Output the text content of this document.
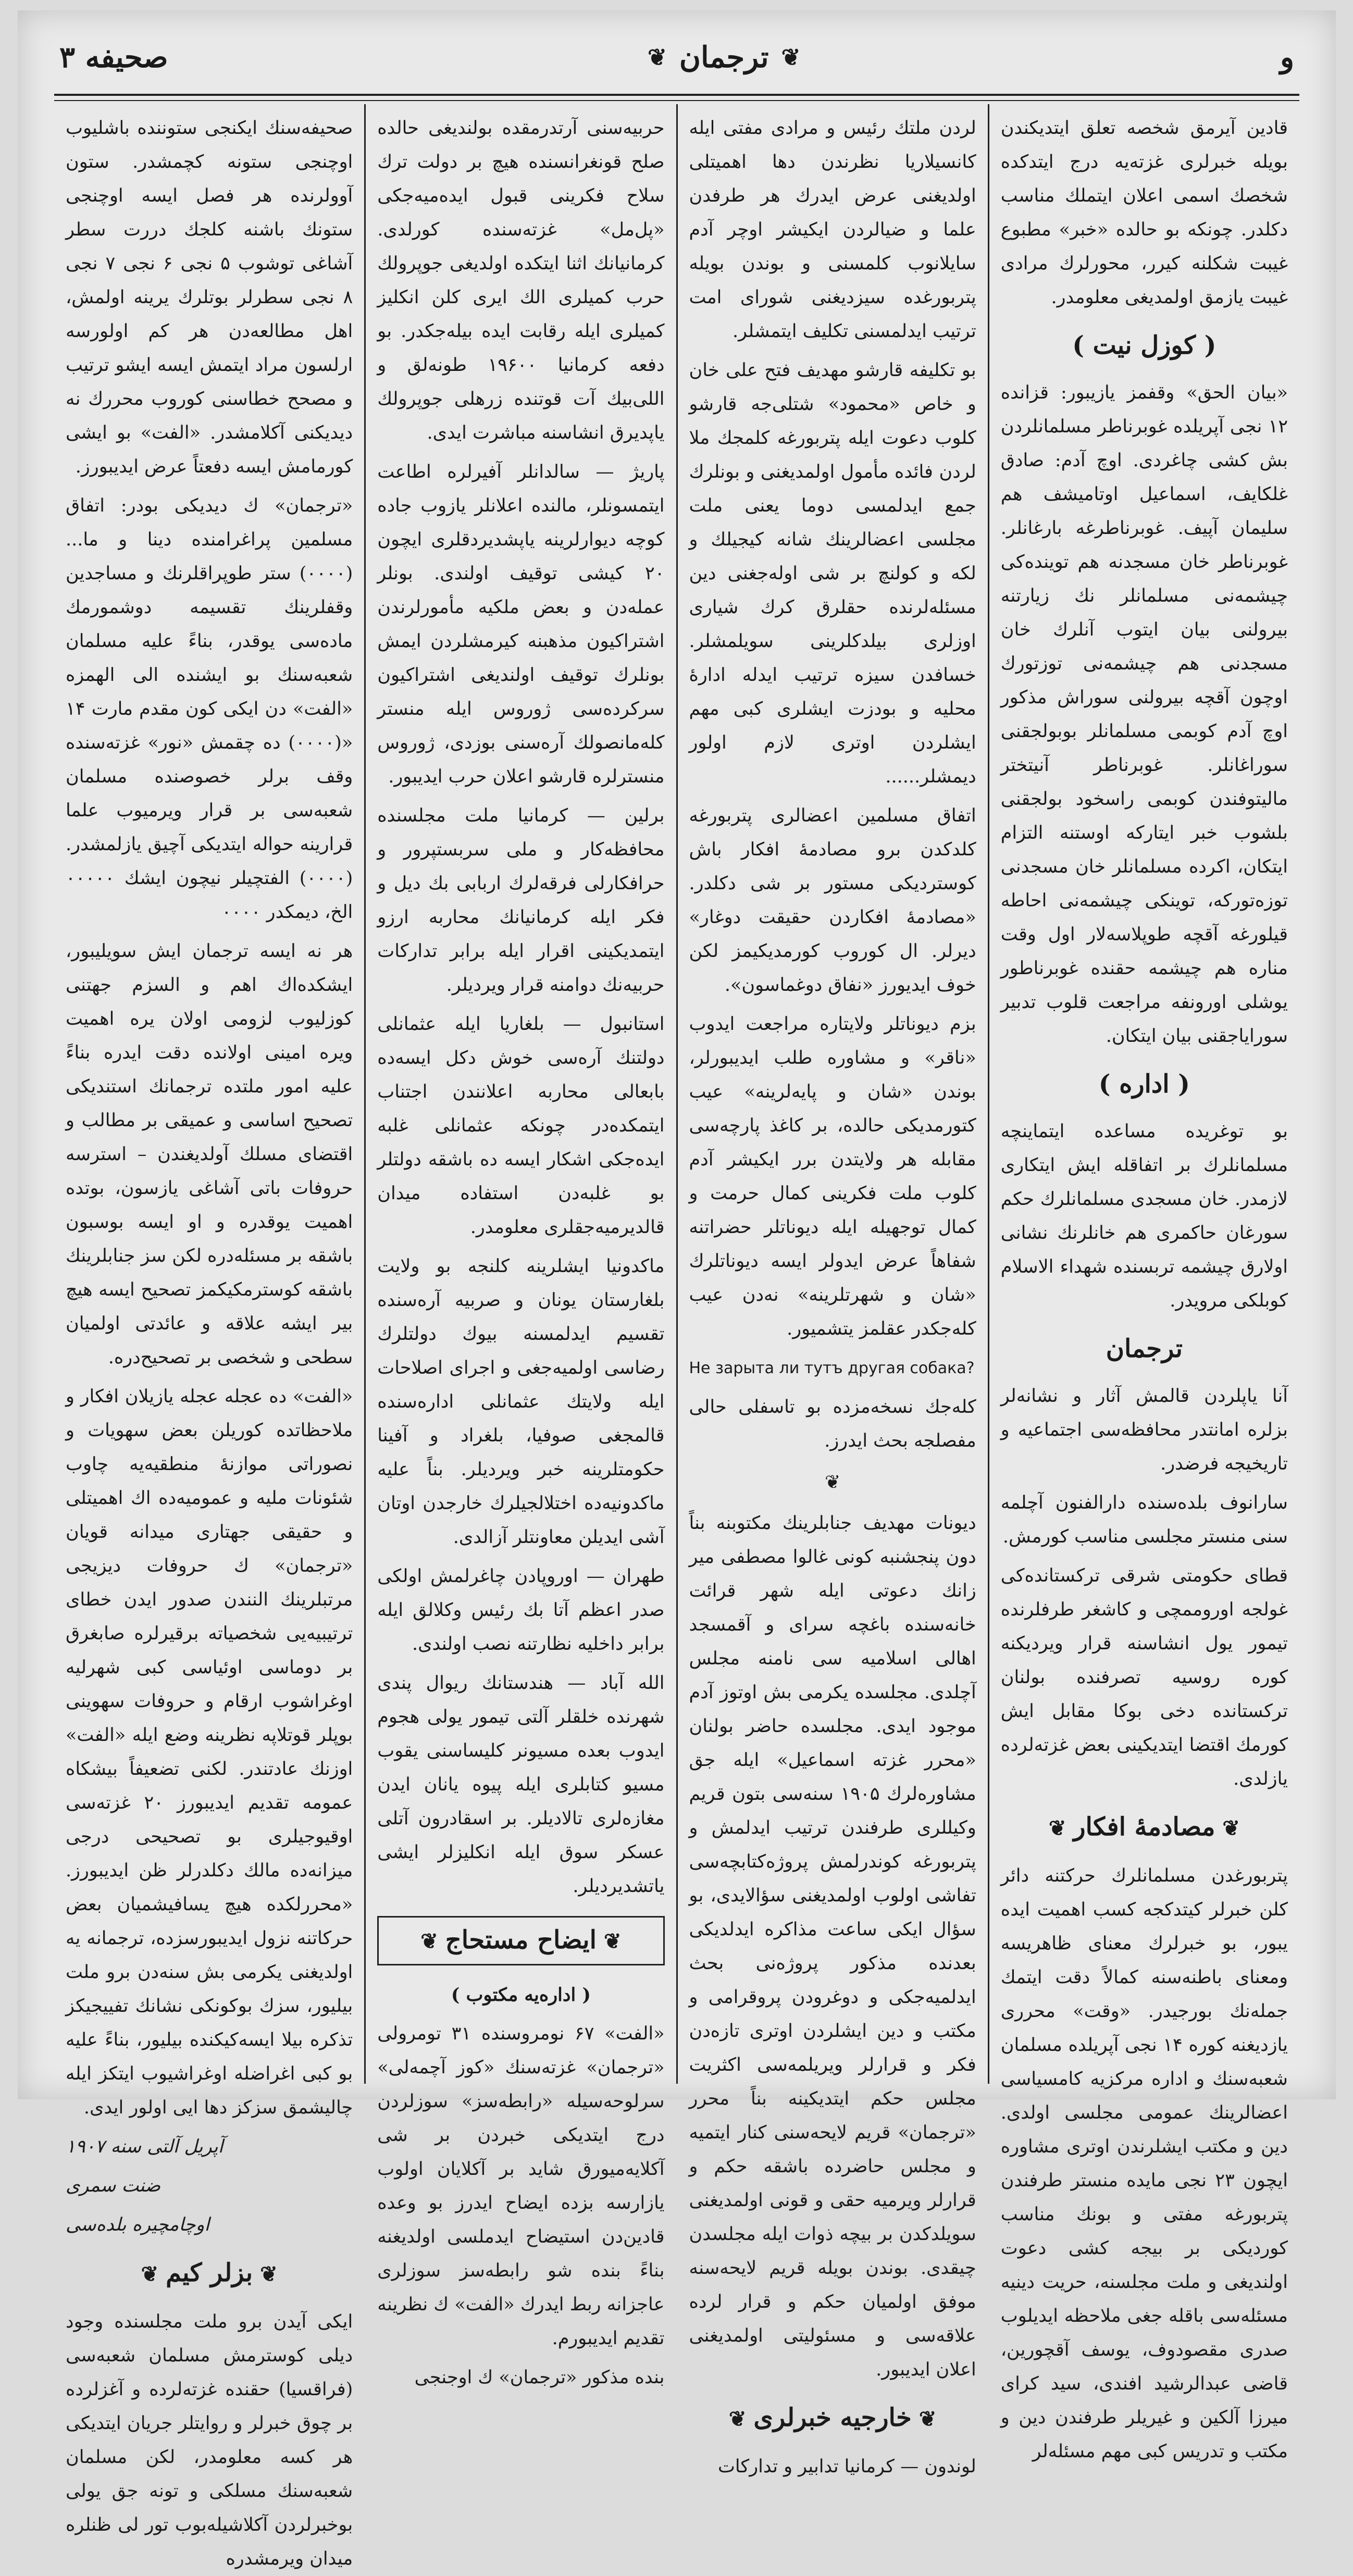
و
❦
ترجمان
❦
صحیفه ۳

قادین آیرمق شخصه تعلق ایتدیکندن بویله خبرلری غزته‌یه درج ایتدکده شخصك اسمی اعلان ایتملك مناسب دکلدر. چونکه بو حالده «خبر» مطبوع غیبت شکلنه کیرر، محورلرك مرادی غیبت یازمق اولمدیغی معلومدر.

( کوزل نیت )

«بیان الحق» وقفمز یازیبور: قزانده ۱۲ نجی آپریلده غوبرناطر مسلمانلردن بش کشی چاغردی. اوچ آدم: صادق غلکایف، اسماعیل اوتامیشف هم سلیمان آپیف. غوبرناطرغه بارغانلر. غوبرناطر خان مسجدنه هم توینده‌کی چیشمه‌نی مسلمانلر نك زیارتنه بیرولنی بیان ایتوب آنلرك خان مسجدنی هم چیشمه‌نی توزتورك اوچون آقچه بیرولنی سوراش مذکور اوچ آدم کوبمی مسلمانلر بوبولجقنی سوراغانلر. غوبرناطر آنیتختر مالیتوفندن کوبمی راسخود بولجقنی بلشوب خبر ایتارکه اوستنه التزام ایتکان، اکرده مسلمانلر خان مسجدنی توزه‌تورکه، توینکی چیشمه‌نی احاطه قیلورغه آقچه طوپلاسه‌لار اول وقت مناره هم چیشمه حقنده غوبرناطور یوشلی اورونفه مراجعت قلوب تدبیر سورایاجقنی بیان ایتکان.

( اداره )

بو توغریده مساعده ایتماینچه مسلمانلرك بر اتفاقله ایش ایتکاری لازمدر. خان مسجدی مسلمانلرك حکم سورغان حاکمری هم خانلرنك نشانی اولارق چیشمه تربسنده شهداء الاسلام کوبلکی مرویدر.

ترجمان

آنا یاپلردن قالمش آثار و نشانه‌لر بزلره امانتدر محافظه‌سی اجتماعیه و تاریخیجه فرضدر.

سارانوف بلده‌سنده دارالفنون آچلمه سنی منستر مجلسی مناسب کورمش.

قطای حکومتی شرقی ترکستانده‌کی غولجه اوروممچی و کاشغر طرفلرنده تیمور یول انشاسنه قرار ویردیکنه کوره روسیه تصرفنده بولنان ترکستانده دخی بوکا مقابل ایش کورمك اقتضا ایتدیکینی بعض غزته‌لرده یازلدی.

❦مصادمهٔ افکار❦

پتربورغدن مسلمانلرك حرکتنه دائر کلن خبرلر کیتدکجه کسب اهمیت ایده یبور، بو خبرلرك معنای ظاهریسه ومعنای باطنه‌سنه کمالاً دقت ایتمك جمله‌نك بورجیدر. «وقت» محرری یازدیغنه کوره ۱۴ نجی آپریلده مسلمان شعبه‌سنك و اداره مرکزیه کامسیاسی اعضالرینك عمومی مجلسی اولدی. دین و مکتب ایشلرندن اوتری مشاوره ایچون ۲۳ نجی مایده منستر طرفندن پتربورغه مفتی و بونك مناسب کوردیکی بر بیجه کشی دعوت اولندیغی و ملت مجلسنه، حریت دینیه مسئله‌سی باقله جغی ملاحظه ایدیلوب صدری مقصودوف، یوسف آقچورین، قاضی عبدالرشید افندی، سید کرای میرزا آلکین و غیریلر طرفندن دین و مکتب و تدریس کبی مهم مسئله‌لر

لردن ملتك رئیس و مرادی مفتی ایله کانسیلاریا نظرندن دها اهمیتلی اولدیغنی عرض ایدرك هر طرفدن علما و ضیالردن ایکیشر اوچر آدم سایلانوب کلمسنی و بوندن بویله پتربورغده سیزدیغنی شورای امت ترتیب ایدلمسنی تکلیف ایتمشلر.

بو تکلیفه قارشو مهدیف فتح علی خان و خاص «محمود» شتلی‌جه قارشو کلوب دعوت ایله پتربورغه کلمجك ملا لردن فائده مأمول اولمدیغنی و بونلرك جمع ایدلمسی دوما یعنی ملت مجلسی اعضالرینك شانه کیجیلك و لکه و کولنچ بر شی اوله‌جغنی دین مسئله‌لرنده حقلرق کرك شیاری اوزلری بیلدکلرینی سویلمشلر. خسافدن سیزه ترتیب ایدله ادارهٔ محلیه و بودزت ایشلری کبی مهم ایشلردن اوتری لازم اولور دیمشلر......

اتفاق مسلمین اعضالری پتربورغه کلدکدن برو مصادمهٔ افکار باش کوستردیکی مستور بر شی دکلدر. «مصادمهٔ افکاردن حقیقت دوغار» دیرلر. ال کوروب کورمدیکیمز لکن خوف ایدیورز «نفاق دوغماسون».

بزم دیوناتلر ولایتاره مراجعت ایدوب «ناقر» و مشاوره طلب ایدیبورلر، بوندن «شان و پایه‌لرینه» عیب کتورمدیکی حالده، بر کاغذ پارچه‌سی مقابله هر ولایتدن برر ایکیشر آدم کلوب ملت فکرینی کمال حرمت و کمال توجهیله ایله دیوناتلر حضراتنه شفاهاً عرض ایدولر ایسه دیوناتلرك «شان و شهرتلرینه» نه‌دن عیب کله‌جکدر عقلمز یتشمیور.

Не зарыта ли тутъ другая собака?

کله‌جك نسخه‌مزده بو تاسفلی حالی مفصلجه بحث ایدرز.

❦

دیونات مهدیف جنابلرینك مکتوبنه بناً دون پنجشنبه کونی غالوا مصطفی میر زانك دعوتی ایله شهر قرائت خانه‌سنده باغچه سرای و آقمسجد اهالی اسلامیه سی نامنه مجلس آچلدی. مجلسده یکرمی بش اوتوز آدم موجود ایدی. مجلسده حاضر بولنان «محرر غزته اسماعیل» ایله جق مشاوره‌لرك ۱۹۰۵ سنه‌سی بتون قریم وکیللری طرفندن ترتیب ایدلمش و پتربورغه کوندرلمش پروژه‌کتابچه‌سی تفاشی اولوب اولمدیغنی سؤالایدی، بو سؤال ایکی ساعت مذاکره ایدلدیکی بعدنده مذکور پروژه‌نی بحث ایدلمیه‌جکی و دوغرودن پروقرامی و مکتب و دین ایشلردن اوتری تازه‌دن فکر و قرارلر ویریلمه‌سی اکثریت مجلس حکم ایتدیکینه بناً محرر «ترجمان» قریم لایحه‌سنی کنار ایتمیه و مجلس حاضرده باشقه حکم و قرارلر ویرمیه حقی و قونی اولمدیغنی سویلدکدن بر بیچه ذوات ایله مجلسدن چیقدی. بوندن بویله قریم لایحه‌سنه موفق اولمیان حکم و قرار لرده علاقه‌سی و مسئولیتی اولمدیغنی اعلان ایدیبور.

❦خارجیه خبرلری❦

لوندون — کرمانیا تدابیر و تدارکات

حربیه‌سنی آرتدرمقده بولندیغی حالده صلح قونغرانسنده هیچ بر دولت ترك سلاح فکرینی قبول ایده‌میه‌جکی «پل‌مل» غزته‌سنده کورلدی. کرمانیانك اثنا ایتکده اولدیغی جوپرولك حرب کمیلری الك ایری کلن انکلیز کمیلری ایله رقابت ایده بیله‌جکدر. بو دفعه کرمانیا ۱۹۶۰۰ طونه‌لق و اللی‌بیك آت قوتنده زرهلی جوپرولك یاپدیرق انشاسنه مباشرت ایدی.

پاریژ — سالدانلر آفیرلره اطاعت ایتمسونلر، مالنده اعلانلر یازوب جاده کوچه دیوارلرینه یاپشدیردقلری ایچون ۲۰ کیشی توقیف اولندی. بونلر عمله‌دن و بعض ملکیه مأمورلرندن اشتراکیون مذهبنه کیرمشلردن ایمش بونلرك توقیف اولندیغی اشتراکیون سرکرده‌سی ژوروس ایله منستر کله‌مانصولك آره‌سنی بوزدی، ژوروس منسترلره قارشو اعلان حرب ایدیبور.

برلین — کرمانیا ملت مجلسنده محافظه‌کار و ملی سربستپرور و حرافکارلی فرقه‌لرك اربابی بك دیل و فکر ایله کرمانیانك محاربه ارزو ایتمدیکینی اقرار ایله برابر تدارکات حربیه‌نك دوامنه قرار ویردیلر.

استانبول — بلغاریا ایله عثمانلی دولتنك آره‌سی خوش دکل ایسه‌ده بابعالی محاربه اعلانندن اجتناب ایتمکده‌در چونکه عثمانلی غلبه ایده‌جکی اشکار ایسه ده باشقه دولتلر بو غلبه‌دن استفاده میدان قالدیرمیه‌جقلری معلومدر.

ماکدونیا ایشلرینه کلنجه بو ولایت بلغارستان یونان و صربیه آره‌سنده تقسیم ایدلمسنه بیوك دولتلرك رضاسی اولمیه‌جغی و اجرای اصلاحات ایله ولایتك عثمانلی اداره‌سنده قالمجغی صوفیا، بلغراد و آفینا حکومتلرینه خبر ویردیلر. بناً علیه ماکدونیه‌ده اختلالجیلرك خارجدن اوتان آشی ایدیلن معاونتلر آزالدی.

طهران — اوروپادن چاغرلمش اولکی صدر اعظم آتا بك رئیس وکلالق ایله برابر داخلیه نظارتنه نصب اولندی.

الله آباد — هندستانك ریوال پندی شهرنده خلقلر آلتی تیمور یولی هجوم ایدوب بعده مسیونر کلیساسنی یقوب مسیو کتابلری ایله پیوه یانان ایدن مغازه‌لری تالادیلر. بر اسقادرون آتلی عسکر سوق ایله انکلیزلر ایشی یاتشدیردیلر.

❦ایضاح مستحاج❦
( اداره‌یه مکتوب )

«الفت» ۶۷ نومروسنده ۳۱ تومرولی «ترجمان» غزته‌سنك «کوز آچمه‌لی» سرلوحه‌سیله «رابطه‌سز» سوزلردن درج ایتدیکی خبردن بر شی آکلایه‌میورق شاید بر آکلایان اولوب یازارسه بزده ایضاح ایدرز بو وعده قادین‌دن استیضاح ایدملسی اولدیغنه بناءً بنده شو رابطه‌سز سوزلری عاجزانه ربط ایدرك «الفت» ك نظرینه تقدیم ایدیبورم.

بنده مذکور «ترجمان» ك اوجنجی

صحیفه‌سنك ایکنجی ستوننده باشلیوب اوچنجی ستونه کچمشدر. ستون آوولرنده هر فصل ایسه اوچنجی ستونك باشنه کلجك دررت سطر آشاغی توشوب ۵ نجی ۶ نجی ۷ نجی ۸ نجی سطرلر بوتلرك یرینه اولمش، اهل مطالعه‌دن هر کم اولورسه ارلسون مراد ایتمش ایسه ایشو ترتیب و مصحح خطاسنی کوروب محررك نه دیدیکنی آکلامشدر. «الفت» بو ایشی کورمامش ایسه دفعتاً عرض ایدیبورز.

«ترجمان» ك دیدیکی بودر: اتفاق مسلمین پراغرامنده دینا و ما... (۰۰۰۰) ستر طوپراقلرنك و مساجدین وقفلرینك تقسیمه دوشمورمك ماده‌سی یوقدر، بناءً علیه مسلمان شعبه‌سنك بو ایشنده الی الهمزه «الفت» دن ایکی کون مقدم مارت ۱۴ «(۰۰۰۰) ده چقمش «نور» غزته‌سنده وقف برلر خصوصنده مسلمان شعبه‌سی بر قرار ویرمیوب علما قرارینه حواله ایتدیکی آچیق یازلمشدر. (۰۰۰۰) الفتچیلر نیچون ایشك ۰۰۰۰۰ الخ، دیمکدر ۰۰۰۰

هر نه ایسه ترجمان ایش سویلیبور، ایشکده‌اك اهم و السزم جهتنی کوزلیوب لزومی اولان یره اهمیت ویره امینی اولانده دقت ایدره بناءً علیه امور ملتده ترجمانك استندیکی تصحیح اساسی و عمیقی بر مطالب و اقتضای مسلك آولدیغندن – استرسه حروفات باتی آشاغی یازسون، بوتده اهمیت یوقدره و او ایسه بوسبون باشقه بر مسئله‌دره لکن سز جنابلرینك باشقه کوسترمکیکمز تصحیح ایسه هیچ بیر ایشه علاقه و عائدتی اولمیان سطحی و شخصی بر تصحیح‌دره.

«الفت» ده عجله عجله یازیلان افکار و ملاحظاتده کوریلن بعض سهویات و نصوراتی موازنهٔ منطقیه‌یه چاوب شئونات ملیه و عمومیه‌ده اك اهمیتلی و حقیقی جهتاری میدانه قویان «ترجمان» ك حروفات دیزیجی مرتبلرینك النندن صدور ایدن خطای ترتیبیه‌یی شخصیاته برقیرلره صابغرق بر دوماسی اوئیاسی کبی شهرلیه اوغراشوب ارقام و حروفات سهوینی بوپلر قوتلاپه نظرینه وضع ایله «الفت» اوزنك عادتندر. لکنی تضعیفاً بیشکاه عمومه تقدیم ایدیبورز ۲۰ غزته‌سی اوقیوجیلری بو تصحیحی درجی میزانه‌ده مالك دکلدرلر ظن ایدیبورز. «محررلکده هیچ یسافیشمیان بعض حرکاتنه نزول ایدیبورسزده، ترجمانه یه اولدیغنی یکرمی بش سنه‌دن برو ملت بیلیور، سزك بوکونکی نشانك تفییجیکز تذكره بیلا ایسه‌کیکنده بیلیور، بناءً علیه بو کبی اغراضله اوغراشیوب ایتکز ایله چالیشمق سزکز دها ایی اولور ایدی.

آپریل آلتی سنه ۱۹۰۷

ضنت سمری

اوچامچیره بلده‌سی

❦بزلر کیم❦

ایکی آیدن برو ملت مجلسنده وجود دیلی کوسترمش مسلمان شعبه‌سی (فراقسیا) حقنده غزته‌لرده و آغزلرده بر چوق خبرلر و روایتلر جریان ایتدیکی هر کسه معلومدر، لکن مسلمان شعبه‌سنك مسلکی و تونه جق یولی بوخبرلردن آکلاشیله‌بوب تور لی ظنلره میدان ویرمشدره
